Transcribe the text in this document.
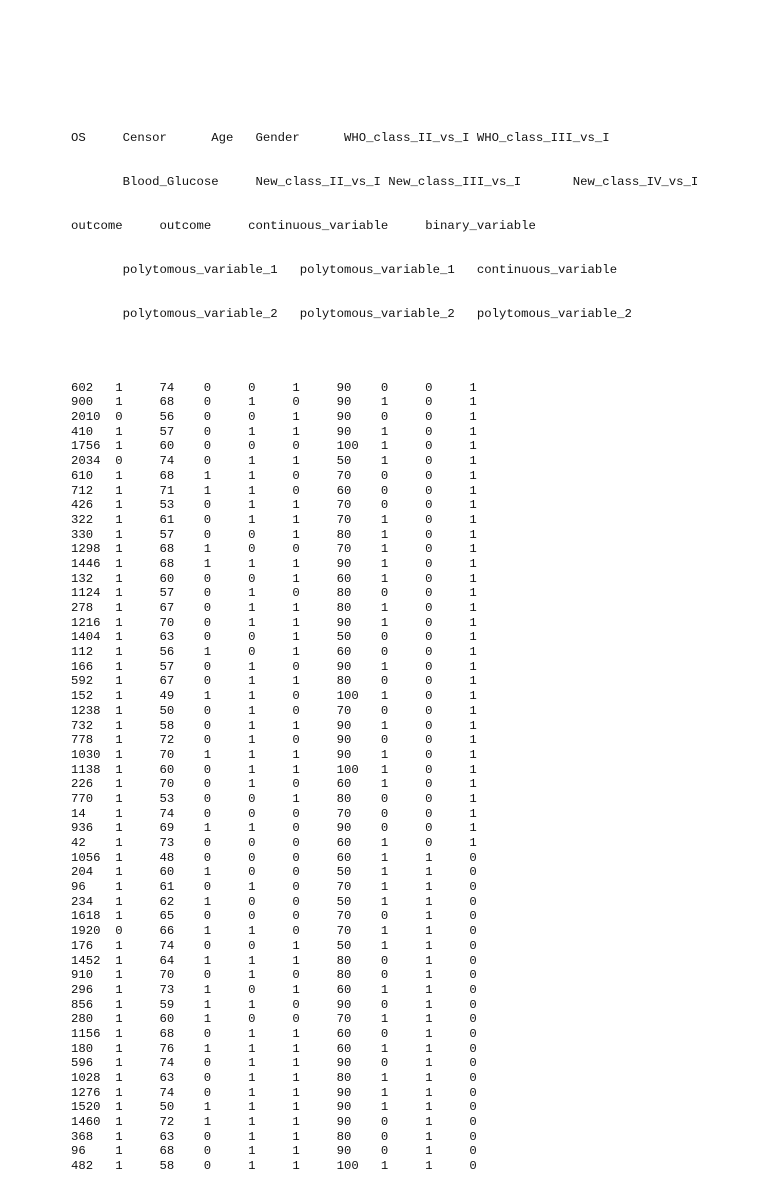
OS     Censor      Age   Gender      WHO_class_II_vs_I WHO_class_III_vs_I

Blood_Glucose     New_class_II_vs_I New_class_III_vs_I       New_class_IV_vs_I

outcome     outcome     continuous_variable     binary_variable

polytomous_variable_1   polytomous_variable_1   continuous_variable

polytomous_variable_2   polytomous_variable_2   polytomous_variable_2

602 1	74 0	0	1	90 0	0	1
900 1	68 0	1	0	90 1	0	1
2010 0	56 0	0	1	90 0	0	1
410 1	57 0	1	1	90 1	0	1
1756 1	60 0	0	0	100 1	0	1
2034 0	74 0	1	1	50 1	0	1
610 1	68 1	1	0	70 0	0	1
712 1	71 1	1	0	60 0	0	1
426 1	53 0	1	1	70 0	0	1
322 1	61 0	1	1	70 1	0	1
330 1	57 0	0	1	80 1	0	1
1298 1	68 1	0	0	70 1	0	1
1446 1	68 1	1	1	90 1	0	1
132 1	60 0	0	1	60 1	0	1
1124 1	57 0	1	0	80 0	0	1
278 1	67 0	1	1	80 1	0	1
1216 1	70 0	1	1	90 1	0	1
1404 1	63 0	0	1	50 0	0	1
112 1	56 1	0	1	60 0	0	1
166 1	57 0	1	0	90 1	0	1
592 1	67 0	1	1	80 0	0	1
152 1	49 1	1	0	100 1	0	1
1238 1	50 0	1	0	70 0	0	1
732 1	58 0	1	1	90 1	0	1
778 1	72 0	1	0	90 0	0	1
1030 1	70 1	1	1	90 1	0	1
1138 1	60 0	1	1	100 1	0	1
226 1	70 0	1	0	60 1	0	1
770 1	53 0	0	1	80 0	0	1
14 1	74 0	0	0	70 0	0	1
936 1	69 1	1	0	90 0	0	1
42 1	73 0	0	0	60 1	0	1
1056 1	48 0	0	0	60 1	1	0
204 1	60 1	0	0	50 1	1	0
96 1	61 0	1	0	70 1	1	0
234 1	62 1	0	0	50 1	1	0
1618 1	65 0	0	0	70 0	1	0
1920 0	66 1	1	0	70 1	1	0
176 1	74 0	0	1	50 1	1	0
1452 1	64 1	1	1	80 0	1	0
910 1	70 0	1	0	80 0	1	0
296 1	73 1	0	1	60 1	1	0
856 1	59 1	1	0	90 0	1	0
280 1	60 1	0	0	70 1	1	0
1156 1	68 0	1	1	60 0	1	0
180 1	76 1	1	1	60 1	1	0
596 1	74 0	1	1	90 0	1	0
1028 1	63 0	1	1	80 1	1	0
1276 1	74 0	1	1	90 1	1	0
1520 1	50 1	1	1	90 1	1	0
1460 1	72 1	1	1	90 0	1	0
368 1	63 0	1	1	80 0	1	0
96 1	68 0	1	1	90 0	1	0
482 1	58 0	1	1	100 1	1	0
